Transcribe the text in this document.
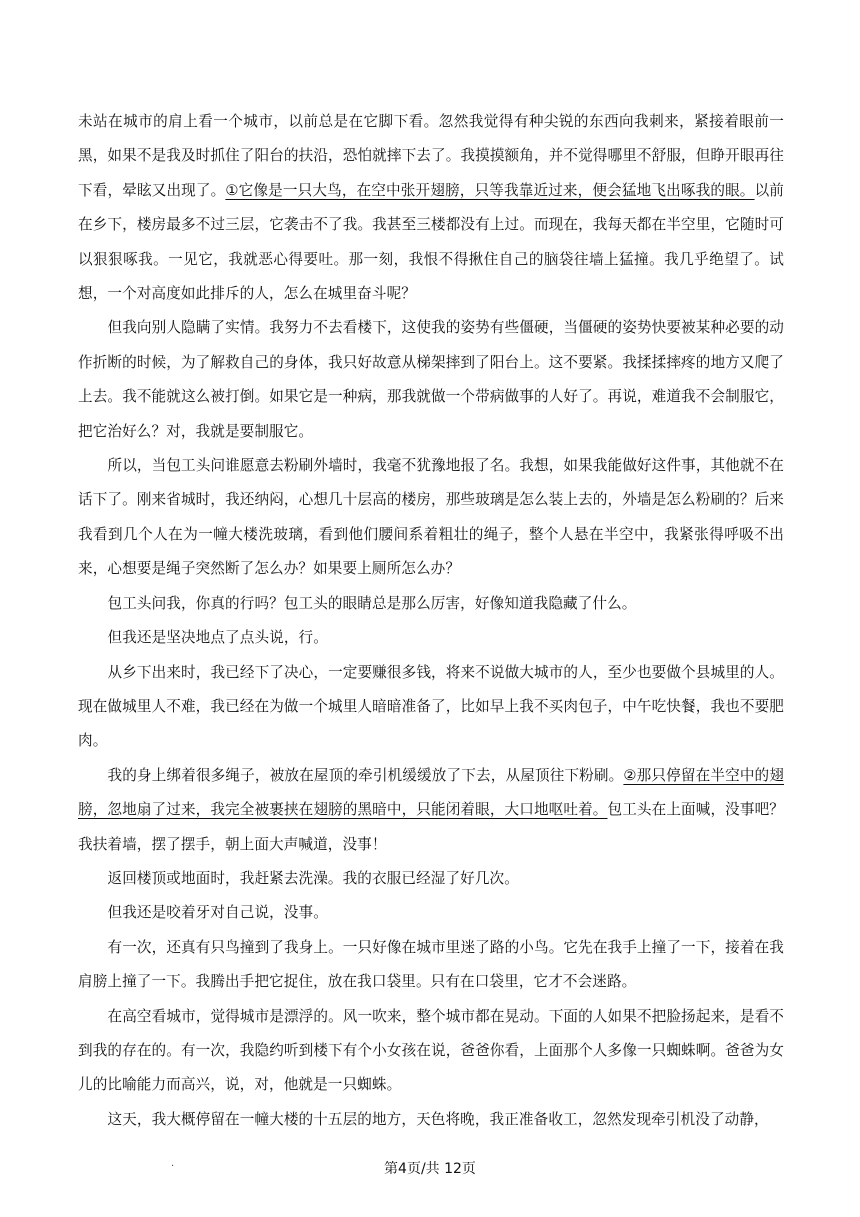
未站在城市的肩上看一个城市，以前总是在它脚下看。忽然我觉得有种尖锐的东西向我刺来，紧接着眼前一黑，如果不是我及时抓住了阳台的扶沿，恐怕就摔下去了。我摸摸额角，并不觉得哪里不舒服，但睁开眼再往下看，晕眩又出现了。①它像是一只大鸟，在空中张开翅膀，只等我靠近过来，便会猛地飞出啄我的眼。以前在乡下，楼房最多不过三层，它袭击不了我。我甚至三楼都没有上过。而现在，我每天都在半空里，它随时可以狠狠啄我。一见它，我就恶心得要吐。那一刻，我恨不得揪住自己的脑袋往墙上猛撞。我几乎绝望了。试想，一个对高度如此排斥的人，怎么在城里奋斗呢？

但我向别人隐瞒了实情。我努力不去看楼下，这使我的姿势有些僵硬，当僵硬的姿势快要被某种必要的动作折断的时候，为了解救自己的身体，我只好故意从梯架摔到了阳台上。这不要紧。我揉揉摔疼的地方又爬了上去。我不能就这么被打倒。如果它是一种病，那我就做一个带病做事的人好了。再说，难道我不会制服它，把它治好么？对，我就是要制服它。

所以，当包工头问谁愿意去粉刷外墙时，我毫不犹豫地报了名。我想，如果我能做好这件事，其他就不在话下了。刚来省城时，我还纳闷，心想几十层高的楼房，那些玻璃是怎么装上去的，外墙是怎么粉刷的？后来我看到几个人在为一幢大楼洗玻璃，看到他们腰间系着粗壮的绳子，整个人悬在半空中，我紧张得呼吸不出来，心想要是绳子突然断了怎么办？如果要上厕所怎么办？

包工头问我，你真的行吗？包工头的眼睛总是那么厉害，好像知道我隐藏了什么。

但我还是坚决地点了点头说，行。

从乡下出来时，我已经下了决心，一定要赚很多钱，将来不说做大城市的人，至少也要做个县城里的人。现在做城里人不难，我已经在为做一个城里人暗暗准备了，比如早上我不买肉包子，中午吃快餐，我也不要肥肉。

我的身上绑着很多绳子，被放在屋顶的牵引机缓缓放了下去，从屋顶往下粉刷。②那只停留在半空中的翅膀，忽地扇了过来，我完全被裹挟在翅膀的黑暗中，只能闭着眼，大口地呕吐着。包工头在上面喊，没事吧？我扶着墙，摆了摆手，朝上面大声喊道，没事！

返回楼顶或地面时，我赶紧去洗澡。我的衣服已经湿了好几次。

但我还是咬着牙对自己说，没事。

有一次，还真有只鸟撞到了我身上。一只好像在城市里迷了路的小鸟。它先在我手上撞了一下，接着在我肩膀上撞了一下。我腾出手把它捉住，放在我口袋里。只有在口袋里，它才不会迷路。

在高空看城市，觉得城市是漂浮的。风一吹来，整个城市都在晃动。下面的人如果不把脸扬起来，是看不到我的存在的。有一次，我隐约听到楼下有个小女孩在说，爸爸你看，上面那个人多像一只蜘蛛啊。爸爸为女儿的比喻能力而高兴，说，对，他就是一只蜘蛛。

这天，我大概停留在一幢大楼的十五层的地方，天色将晚，我正准备收工，忽然发现牵引机没了动静，

.	第4页/共 12页
